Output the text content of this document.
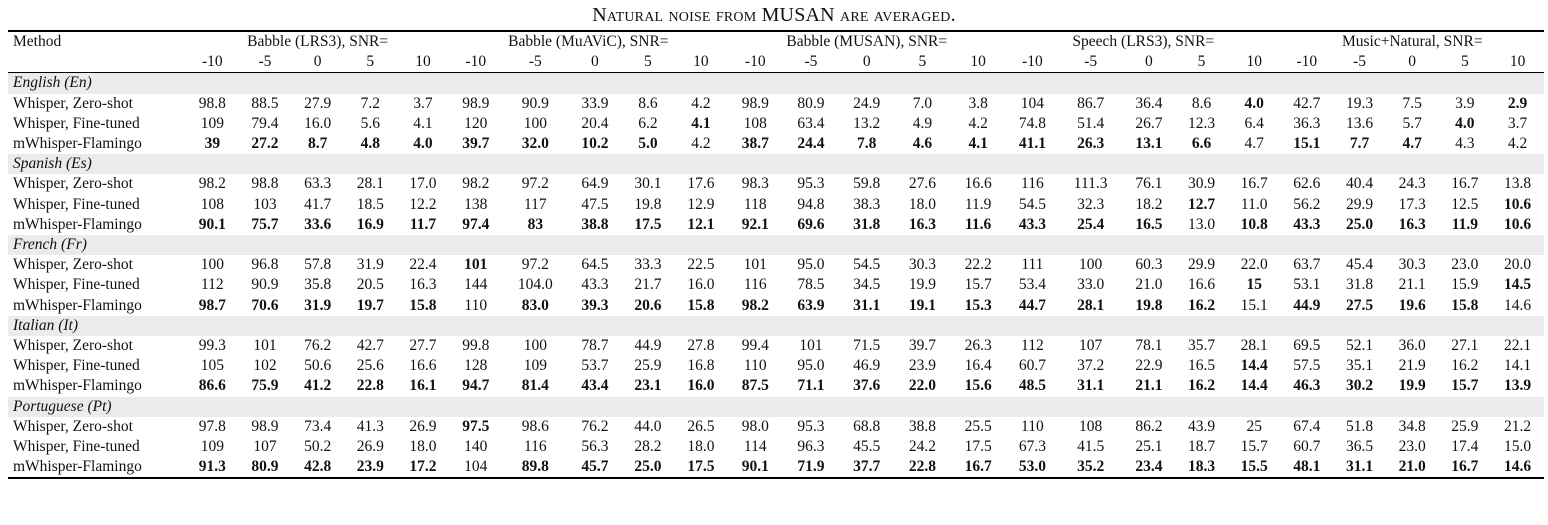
Natural noise from MUSAN are averaged.
Method	Babble (LRS3), SNR=					Babble (MuAViC), SNR=					Babble (MUSAN), SNR=					Speech (LRS3), SNR=					Music+Natural, SNR=				
	-10	-5	0	5	10	-10	-5	0	5	10	-10	-5	0	5	10	-10	-5	0	5	10	-10	-5	0	5	10
English (En)																									
Whisper, Zero-shot	98.8	88.5	27.9	7.2	3.7	98.9	90.9	33.9	8.6	4.2	98.9	80.9	24.9	7.0	3.8	104	86.7	36.4	8.6	4.0	42.7	19.3	7.5	3.9	2.9
Whisper, Fine-tuned	109	79.4	16.0	5.6	4.1	120	100	20.4	6.2	4.1	108	63.4	13.2	4.9	4.2	74.8	51.4	26.7	12.3	6.4	36.3	13.6	5.7	4.0	3.7
mWhisper-Flamingo	39	27.2	8.7	4.8	4.0	39.7	32.0	10.2	5.0	4.2	38.7	24.4	7.8	4.6	4.1	41.1	26.3	13.1	6.6	4.7	15.1	7.7	4.7	4.3	4.2
Spanish (Es)																									
Whisper, Zero-shot	98.2	98.8	63.3	28.1	17.0	98.2	97.2	64.9	30.1	17.6	98.3	95.3	59.8	27.6	16.6	116	111.3	76.1	30.9	16.7	62.6	40.4	24.3	16.7	13.8
Whisper, Fine-tuned	108	103	41.7	18.5	12.2	138	117	47.5	19.8	12.9	118	94.8	38.3	18.0	11.9	54.5	32.3	18.2	12.7	11.0	56.2	29.9	17.3	12.5	10.6
mWhisper-Flamingo	90.1	75.7	33.6	16.9	11.7	97.4	83	38.8	17.5	12.1	92.1	69.6	31.8	16.3	11.6	43.3	25.4	16.5	13.0	10.8	43.3	25.0	16.3	11.9	10.6
French (Fr)																									
Whisper, Zero-shot	100	96.8	57.8	31.9	22.4	101	97.2	64.5	33.3	22.5	101	95.0	54.5	30.3	22.2	111	100	60.3	29.9	22.0	63.7	45.4	30.3	23.0	20.0
Whisper, Fine-tuned	112	90.9	35.8	20.5	16.3	144	104.0	43.3	21.7	16.0	116	78.5	34.5	19.9	15.7	53.4	33.0	21.0	16.6	15	53.1	31.8	21.1	15.9	14.5
mWhisper-Flamingo	98.7	70.6	31.9	19.7	15.8	110	83.0	39.3	20.6	15.8	98.2	63.9	31.1	19.1	15.3	44.7	28.1	19.8	16.2	15.1	44.9	27.5	19.6	15.8	14.6
Italian (It)																									
Whisper, Zero-shot	99.3	101	76.2	42.7	27.7	99.8	100	78.7	44.9	27.8	99.4	101	71.5	39.7	26.3	112	107	78.1	35.7	28.1	69.5	52.1	36.0	27.1	22.1
Whisper, Fine-tuned	105	102	50.6	25.6	16.6	128	109	53.7	25.9	16.8	110	95.0	46.9	23.9	16.4	60.7	37.2	22.9	16.5	14.4	57.5	35.1	21.9	16.2	14.1
mWhisper-Flamingo	86.6	75.9	41.2	22.8	16.1	94.7	81.4	43.4	23.1	16.0	87.5	71.1	37.6	22.0	15.6	48.5	31.1	21.1	16.2	14.4	46.3	30.2	19.9	15.7	13.9
Portuguese (Pt)																									
Whisper, Zero-shot	97.8	98.9	73.4	41.3	26.9	97.5	98.6	76.2	44.0	26.5	98.0	95.3	68.8	38.8	25.5	110	108	86.2	43.9	25	67.4	51.8	34.8	25.9	21.2
Whisper, Fine-tuned	109	107	50.2	26.9	18.0	140	116	56.3	28.2	18.0	114	96.3	45.5	24.2	17.5	67.3	41.5	25.1	18.7	15.7	60.7	36.5	23.0	17.4	15.0
mWhisper-Flamingo	91.3	80.9	42.8	23.9	17.2	104	89.8	45.7	25.0	17.5	90.1	71.9	37.7	22.8	16.7	53.0	35.2	23.4	18.3	15.5	48.1	31.1	21.0	16.7	14.6
